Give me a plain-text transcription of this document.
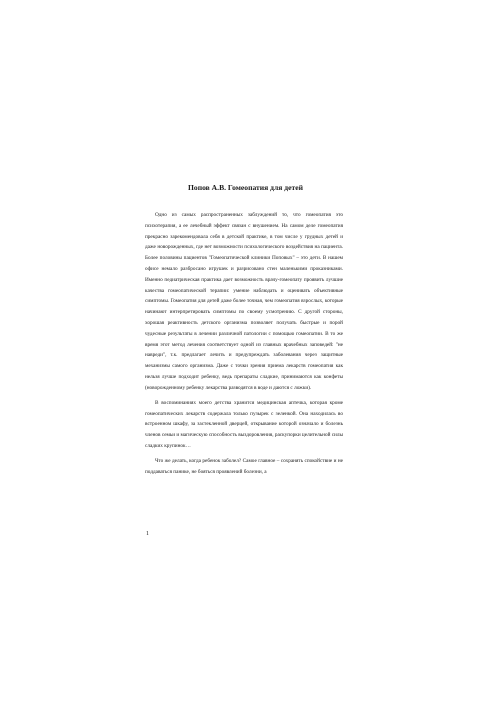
Попов А.В. Гомеопатия для детей

Одно из самых распространенных заблуждений то, что гомеопатия это психотерапия, а ее лечебный эффект связан с внушением. На самом деле гомеопатия прекрасно зарекомендовала себя в детской практике, в том числе у грудных детей и даже новорожденных, где нет возможности психологического воздействия на пациента. Более половины пациентов "Гомеопатической клиники Поповых" – это дети. В нашем офисе немало разбросано игрушек и разрисовано стен маленькими проказниками. Именно педиатрическая практика дает возможность врачу-гомеопату проявить лучшие качества гомеопатической терапии: умение наблюдать и оценивать объективные симптомы. Гомеопатия для детей даже более точная, чем гомеопатия взрослых, которые начинают интерпретировать симптомы по своему усмотрению. С другой стороны, хорошая реактивность детского организма позволяет получать быстрые и порой чудесные результаты в лечении различной патологии с помощью гомеопатии. В то же время этот метод лечения соответствует одной из главных врачебных заповедей: "не навреди", т.к. предлагает лечить и предупреждать заболевания через защитные механизмы самого организма. Даже с точки зрения приема лекарств гомеопатия как нельзя лучше подходит ребенку, ведь препараты сладкие, принимаются как конфеты (новорожденному ребенку лекарства разводятся в воде и даются с ложки).

В воспоминаниях моего детства хранится медицинская аптечка, которая кроме гомеопатических лекарств содержала только пузырек с зеленкой. Она находилась во встроенном шкафу, за застекленной дверцей, открывание которой означало и болезнь членов семьи и магическую способность выздоровления, раскупорки целительной силы сладких крупинок…

Что же делать, когда ребенок заболел? Самое главное – сохранять спокойствие и не поддаваться панике, не бояться проявлений болезни, а

1
